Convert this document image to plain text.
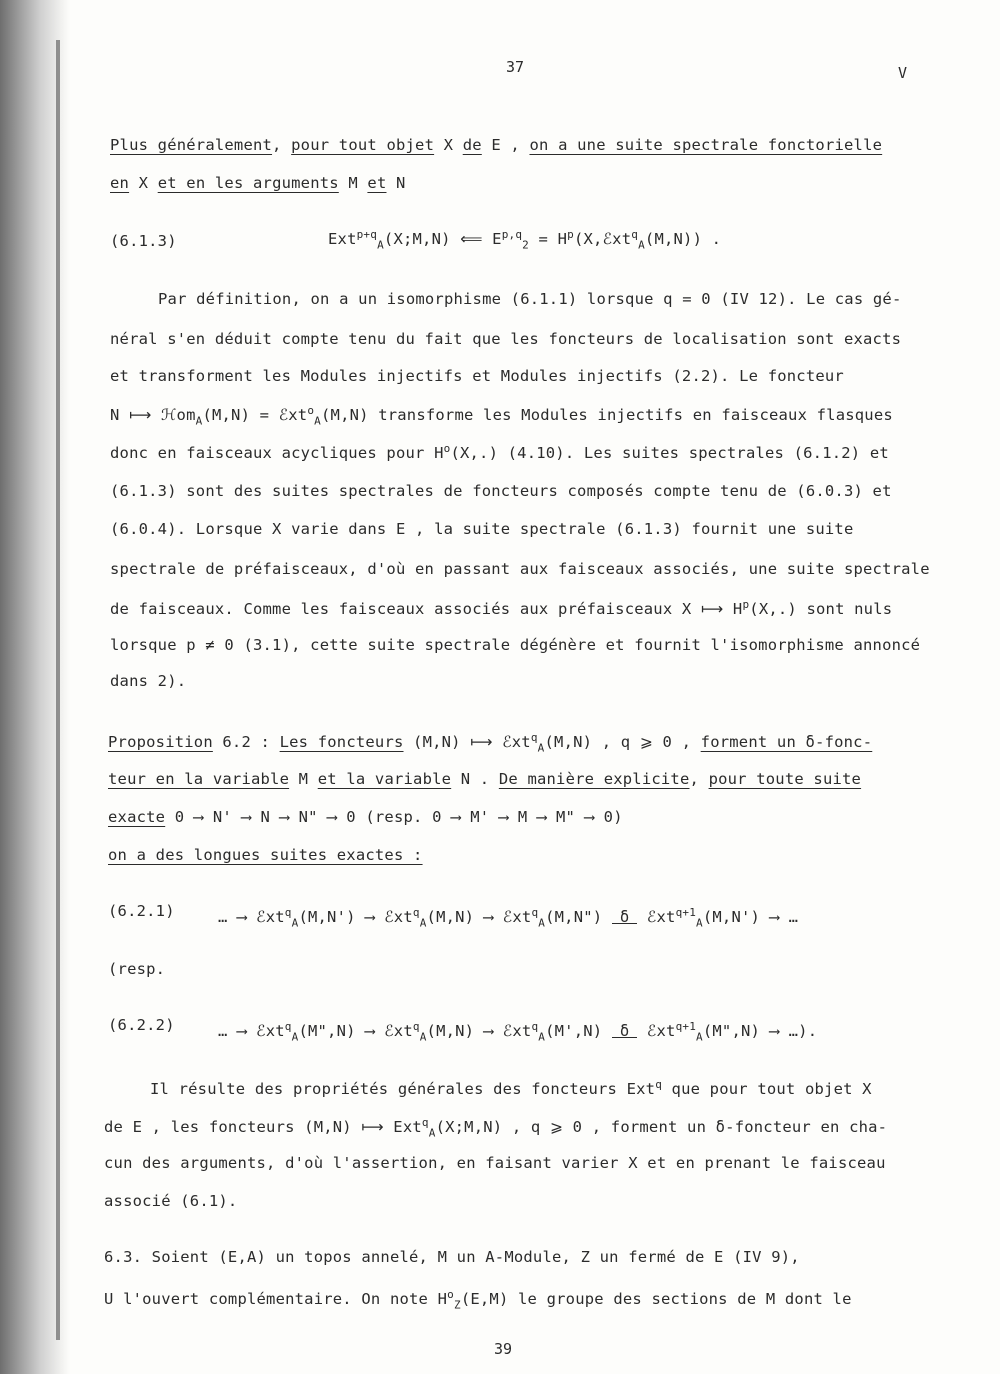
37	V
Plus généralement, pour tout objet X de E , on a une suite spectrale fonctorielle
en X et en les arguments M et N
(6.1.3)	Ext$^{p+q}_A$(X;M,N) ⟸ $E^{p,q}_2 = H^p(X,ℰxt^q_A(M,N))$ .
Par définition, on a un isomorphisme (6.1.1) lorsque q = 0 (IV 12). Le cas gé-
néral s'en déduit compte tenu du fait que les foncteurs de localisation sont exacts
et transforment les Modules injectifs et Modules injectifs (2.2). Le foncteur
N ⟼ ℋom$_A$(M,N) = ℰxt$^o_A$(M,N) transforme les Modules injectifs en faisceaux flasques
donc en faisceaux acycliques pour $H^o(X,.)$ (4.10). Les suites spectrales (6.1.2) et
(6.1.3) sont des suites spectrales de foncteurs composés compte tenu de (6.0.3) et
(6.0.4). Lorsque X varie dans E , la suite spectrale (6.1.3) fournit une suite
spectrale de préfaisceaux, d'où en passant aux faisceaux associés, une suite spectrale
de faisceaux. Comme les faisceaux associés aux préfaisceaux X ⟼ $H^p(X,.)$ sont nuls
lorsque p ≠ 0 (3.1), cette suite spectrale dégénère et fournit l'isomorphisme annoncé
dans 2).
Proposition 6.2 : Les foncteurs (M,N) ⟼ ℰxt$^q_A$(M,N) , q ⩾ 0 , forment un δ-fonc-
teur en la variable M et la variable N . De manière explicite, pour toute suite
exacte 0 ⟶ N' ⟶ N ⟶ N" ⟶ 0 (resp. 0 ⟶ M' ⟶ M ⟶ M" ⟶ 0)
on a des longues suites exactes :
(6.2.1)	… ⟶ ℰxt$^q_A$(M,N') ⟶ ℰxt$^q_A$(M,N) ⟶ ℰxt$^q_A$(M,N") δ ℰxt$^{q+1}_A$(M,N') ⟶ …
(resp.
(6.2.2)	… ⟶ ℰxt$^q_A$(M",N) ⟶ ℰxt$^q_A$(M,N) ⟶ ℰxt$^q_A$(M',N) δ ℰxt$^{q+1}_A$(M",N) ⟶ …).
Il résulte des propriétés générales des foncteurs Ext$^q$ que pour tout objet X
de E , les foncteurs (M,N) ⟼ Ext$^q_A$(X;M,N) , q ⩾ 0 , forment un δ-foncteur en cha-
cun des arguments, d'où l'assertion, en faisant varier X et en prenant le faisceau
associé (6.1).
6.3. Soient (E,A) un topos annelé, M un A-Module, Z un fermé de E (IV 9),
U l'ouvert complémentaire. On note $H^o_Z(E,M)$ le groupe des sections de M dont le
39
